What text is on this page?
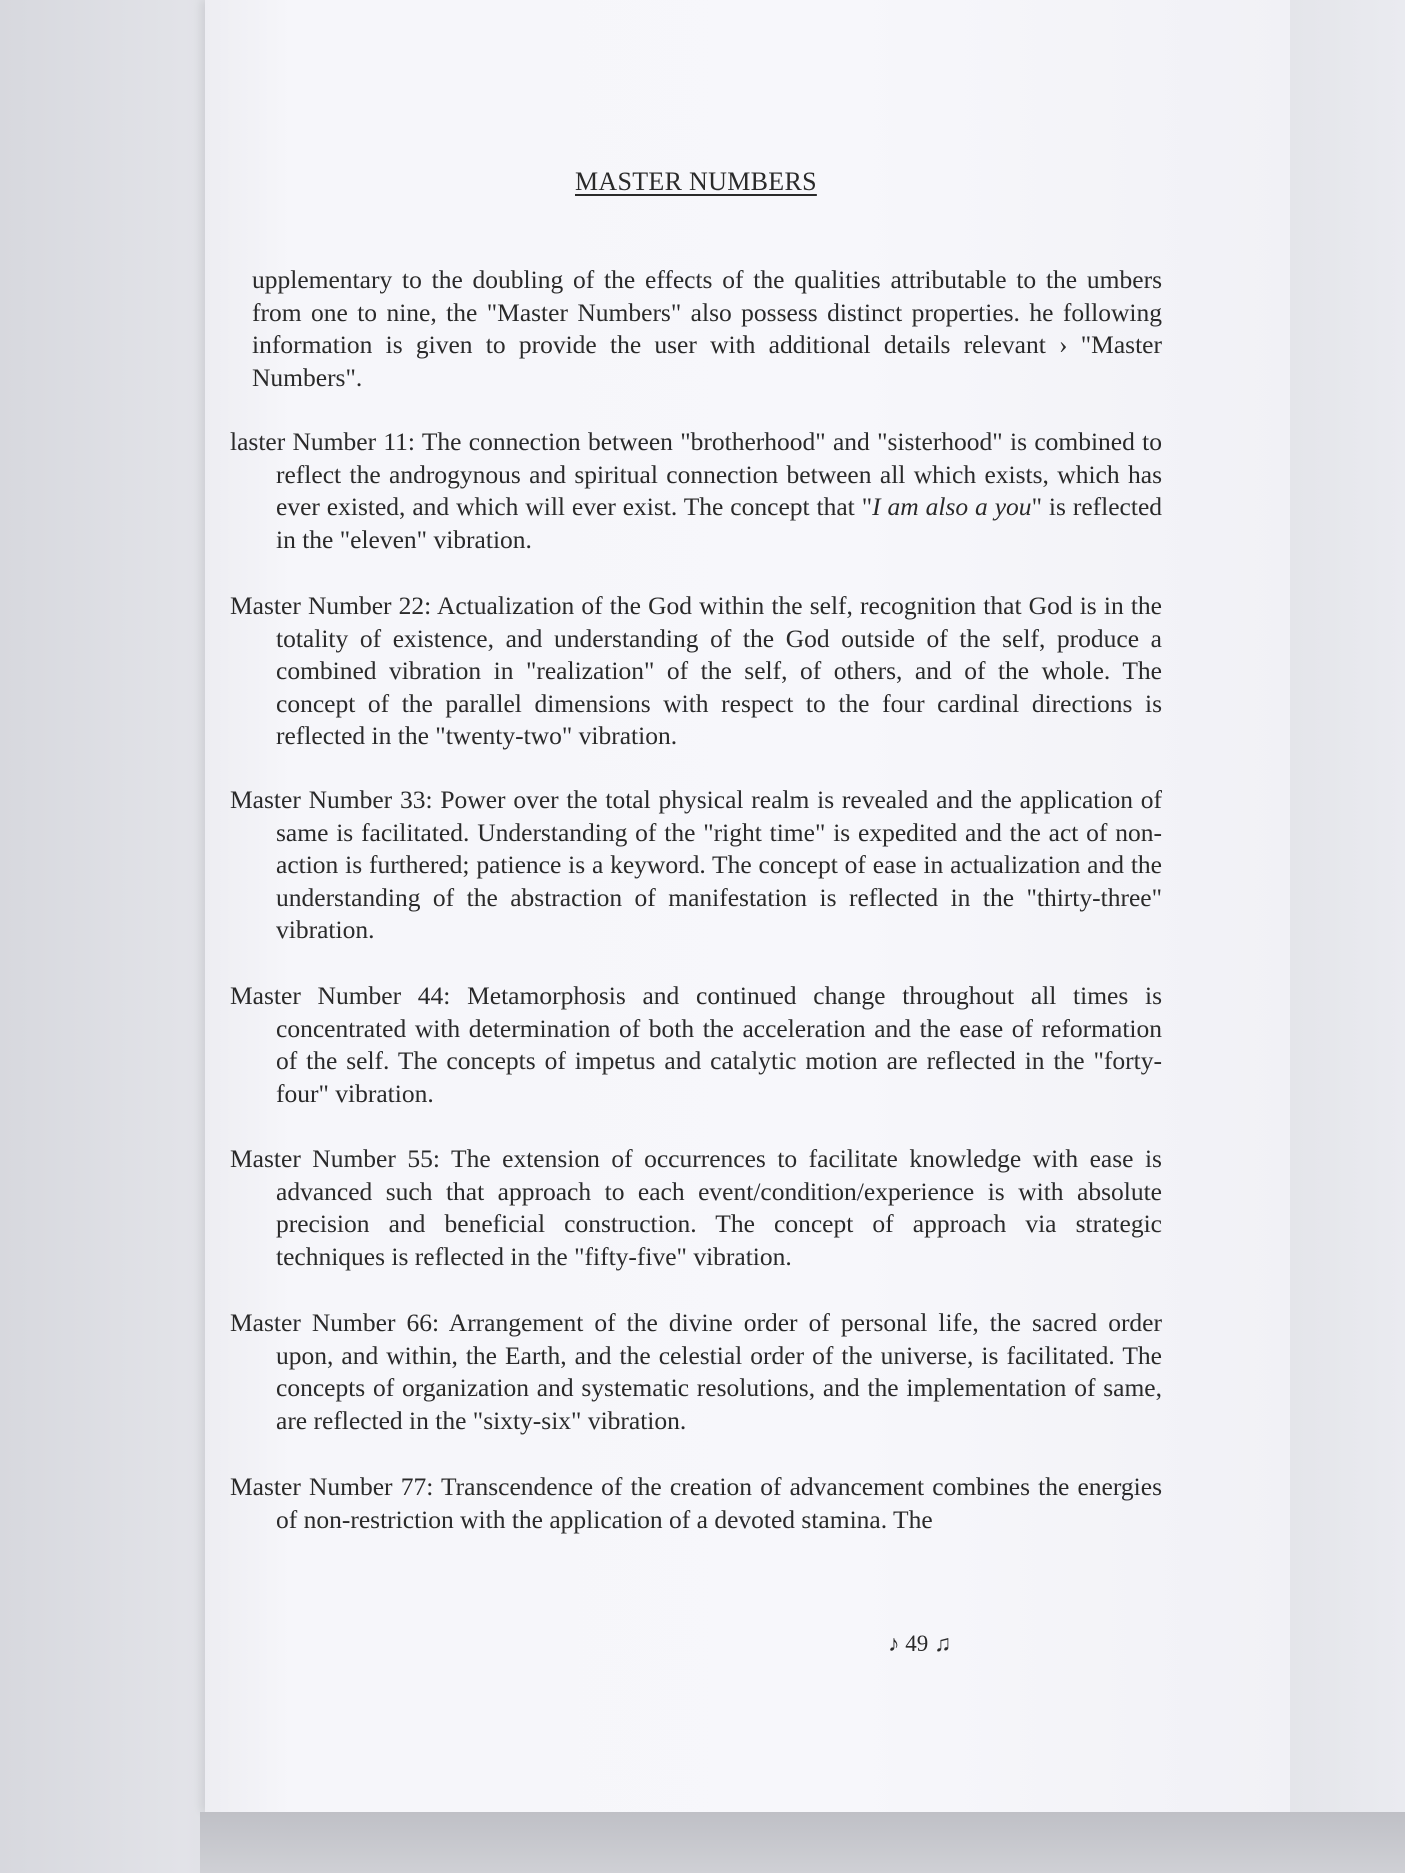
MASTER NUMBERS

upplementary to the doubling of the effects of the qualities attributable to the umbers from one to nine, the "Master Numbers" also possess distinct properties. he following information is given to provide the user with additional details relevant › "Master Numbers".

laster Number 11: The connection between "brotherhood" and "sisterhood" is combined to reflect the androgynous and spiritual connection between all which exists, which has ever existed, and which will ever exist. The concept that "I am also a you" is reflected in the "eleven" vibration.

Master Number 22: Actualization of the God within the self, recognition that God is in the totality of existence, and understanding of the God outside of the self, produce a combined vibration in "realization" of the self, of others, and of the whole. The concept of the parallel dimensions with respect to the four cardinal directions is reflected in the "twenty-two" vibration.

Master Number 33: Power over the total physical realm is revealed and the application of same is facilitated. Understanding of the "right time" is expedited and the act of non-action is furthered; patience is a keyword. The concept of ease in actualization and the understanding of the abstraction of manifestation is reflected in the "thirty-three" vibration.

Master Number 44: Metamorphosis and continued change throughout all times is concentrated with determination of both the acceleration and the ease of reformation of the self. The concepts of impetus and catalytic motion are reflected in the "forty-four" vibration.

Master Number 55: The extension of occurrences to facilitate knowledge with ease is advanced such that approach to each event/condition/experience is with absolute precision and beneficial construction. The concept of approach via strategic techniques is reflected in the "fifty-five" vibration.

Master Number 66: Arrangement of the divine order of personal life, the sacred order upon, and within, the Earth, and the celestial order of the universe, is facilitated. The concepts of organization and systematic resolutions, and the implementation of same, are reflected in the "sixty-six" vibration.

Master Number 77: Transcendence of the creation of advancement combines the energies of non-restriction with the application of a devoted stamina. The

♪ 49 ♫
